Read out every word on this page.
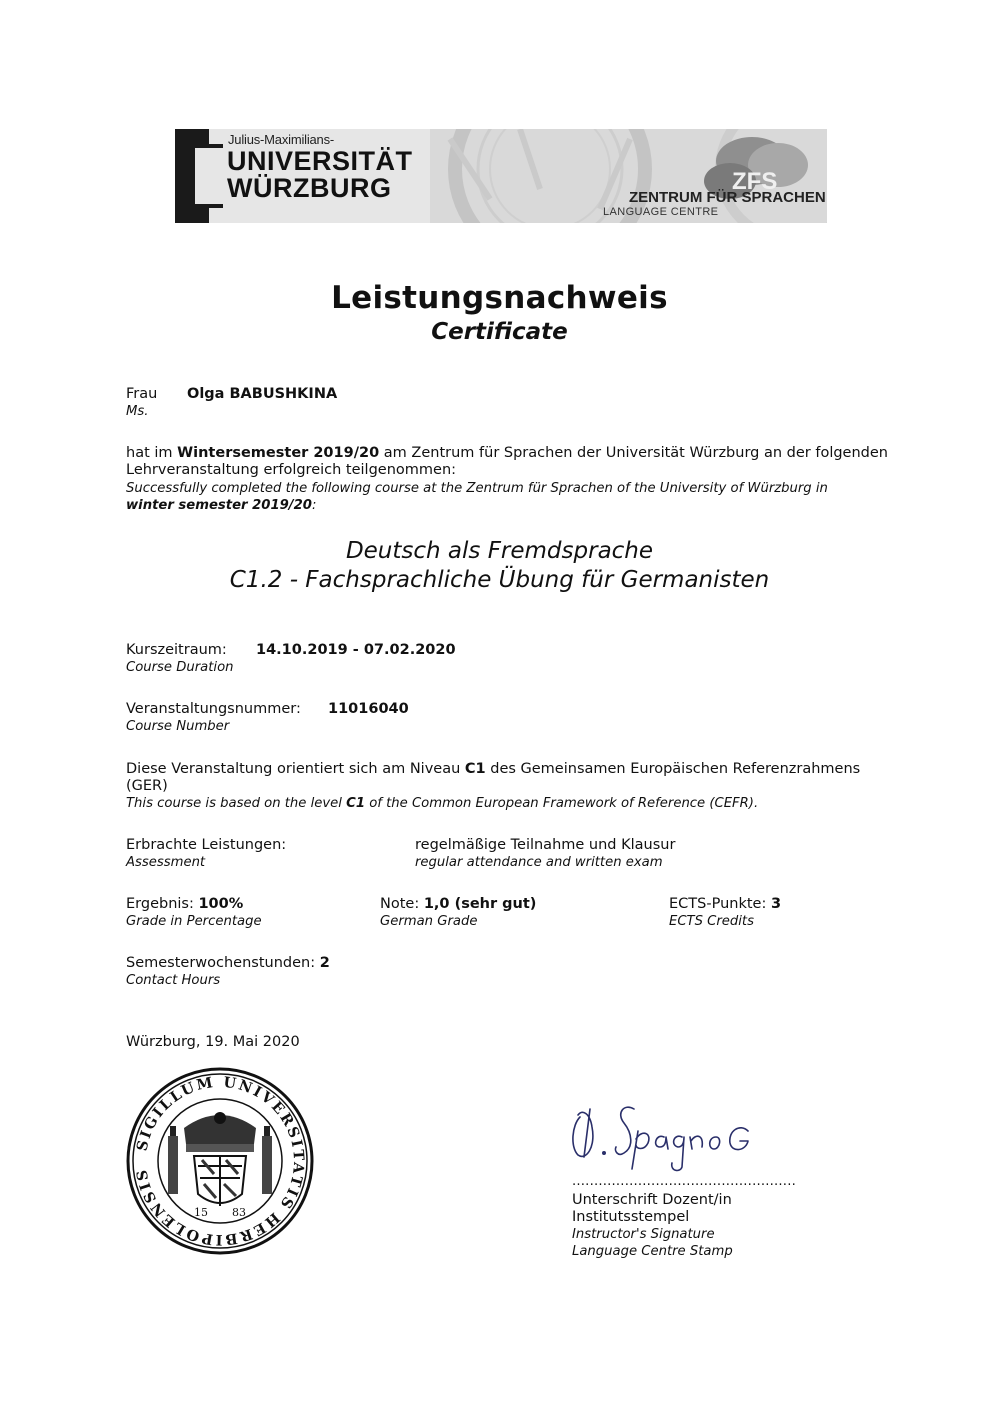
Julius-Maximilians-
UNIVERSITÄT
WÜRZBURG	ZFS
ZENTRUM FÜR SPRACHEN
LANGUAGE CENTRE
Leistungsnachweis
Certificate
Frau Olga BABUSHKINA
Ms.
hat im Wintersemester 2019/20 am Zentrum für Sprachen der Universität Würzburg an der folgenden
Lehrveranstaltung erfolgreich teilgenommen:
Successfully completed the following course at the Zentrum für Sprachen of the University of Würzburg in
winter semester 2019/20:
Deutsch als Fremdsprache
C1.2 - Fachsprachliche Übung für Germanisten
Kurszeitraum: 14.10.2019 - 07.02.2020
Course Duration
Veranstaltungsnummer: 11016040
Course Number
Diese Veranstaltung orientiert sich am Niveau C1 des Gemeinsamen Europäischen Referenzrahmens
(GER)
This course is based on the level C1 of the Common European Framework of Reference (CEFR).
Erbrachte Leistungen:	regelmäßige Teilnahme und Klausur
Assessment	regular attendance and written exam
Ergebnis: 100%
Grade in Percentage
Note: 1,0 (sehr gut)
German Grade
ECTS-Punkte: 3
ECTS Credits
Semesterwochenstunden: 2
Contact Hours
Würzburg, 19. Mai 2020
SIGILLUM UNIVERSITATIS HERBIPOLENSIS
15 83
...................................................
Unterschrift Dozent/in
Institutsstempel
Instructor's Signature
Language Centre Stamp
